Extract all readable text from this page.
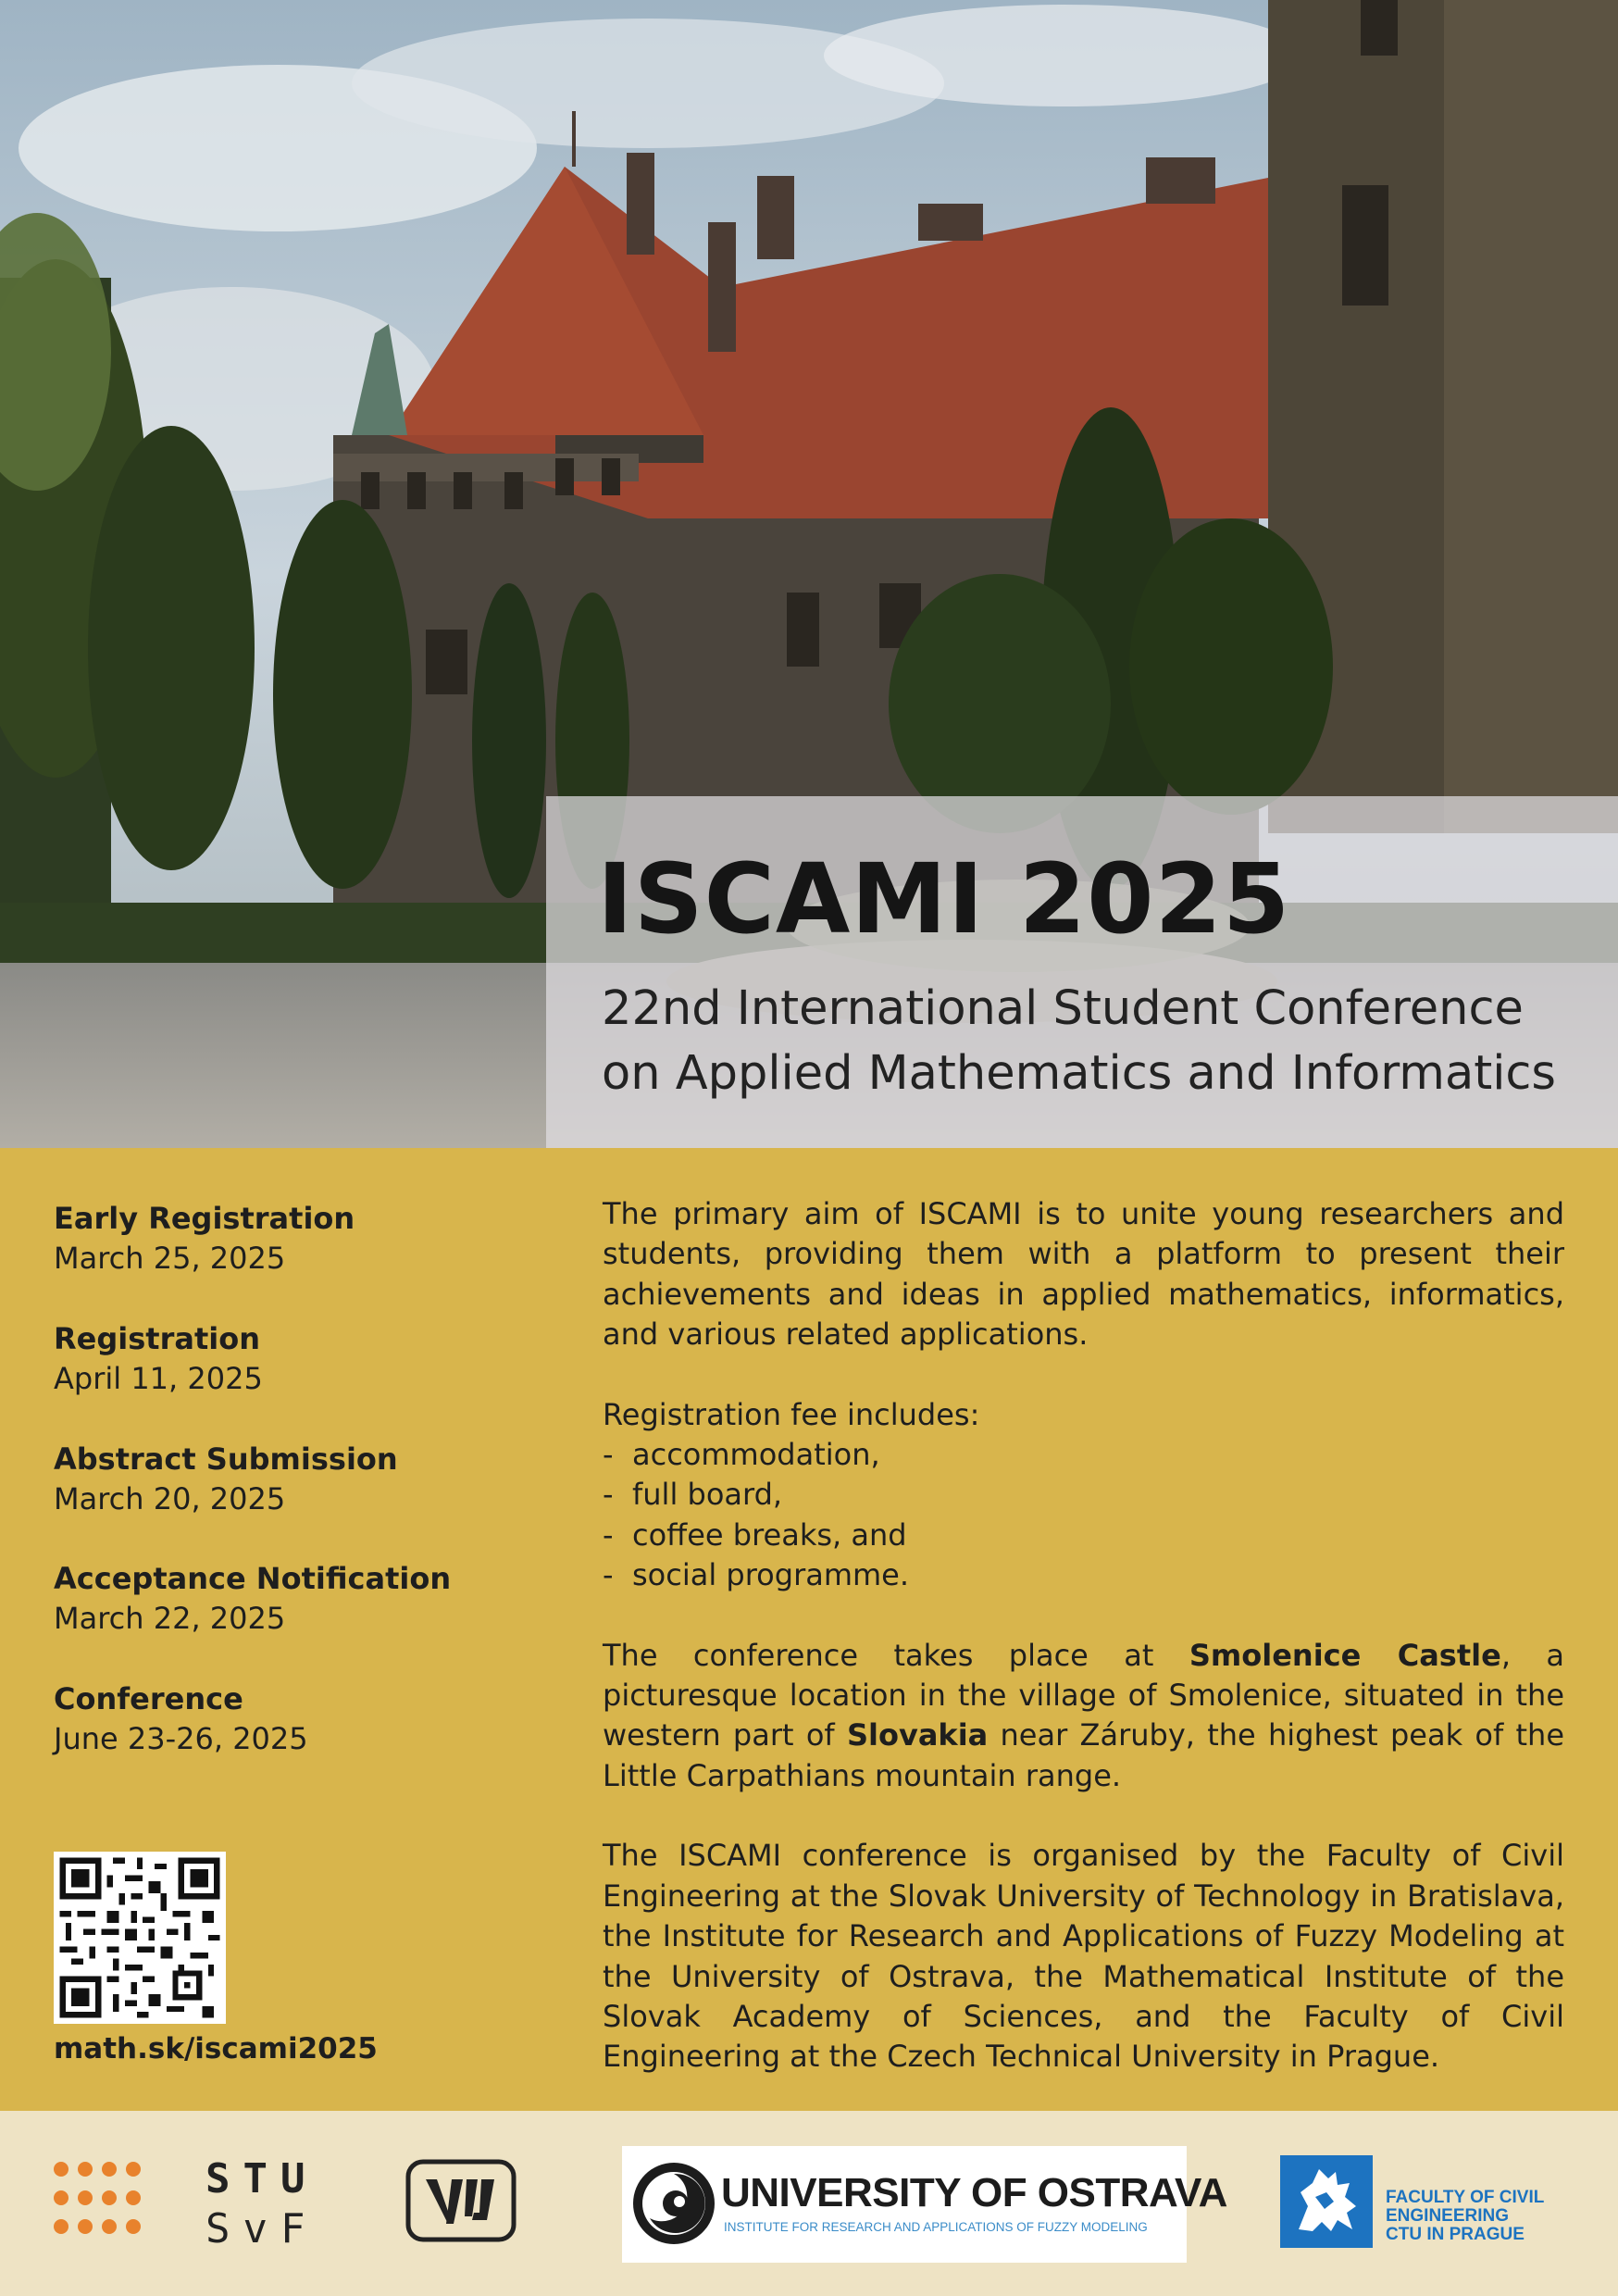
ISCAMI 2025
22nd International Student Conference
on Applied Mathematics and Informatics
Early Registration
March 25, 2025
Registration
April 11, 2025
Abstract Submission
March 20, 2025
Acceptance Notification
March 22, 2025
Conference
June 23-26, 2025
math.sk/iscami2025

The primary aim of ISCAMI is to unite young researchers and students, providing them with a platform to present their achievements and ideas in applied mathematics, informatics, and various related applications.

Registration fee includes:

- accommodation,
- full board,
- coffee breaks, and
- social programme.

The conference takes place at Smolenice Castle, a picturesque location in the village of Smolenice, situated in the western part of Slovakia near Záruby, the highest peak of the Little Carpathians mountain range.

The ISCAMI conference is organised by the Faculty of Civil Engineering at the Slovak University of Technology in Bratislava, the Institute for Research and Applications of Fuzzy Modeling at the University of Ostrava, the Mathematical Institute of the Slovak Academy of Sciences, and the Faculty of Civil Engineering at the Czech Technical University in Prague.

STU
SvF
UNIVERSITY OF OSTRAVA
INSTITUTE FOR RESEARCH AND APPLICATIONS OF FUZZY MODELING
FACULTY OF CIVIL
ENGINEERING
CTU IN PRAGUE
